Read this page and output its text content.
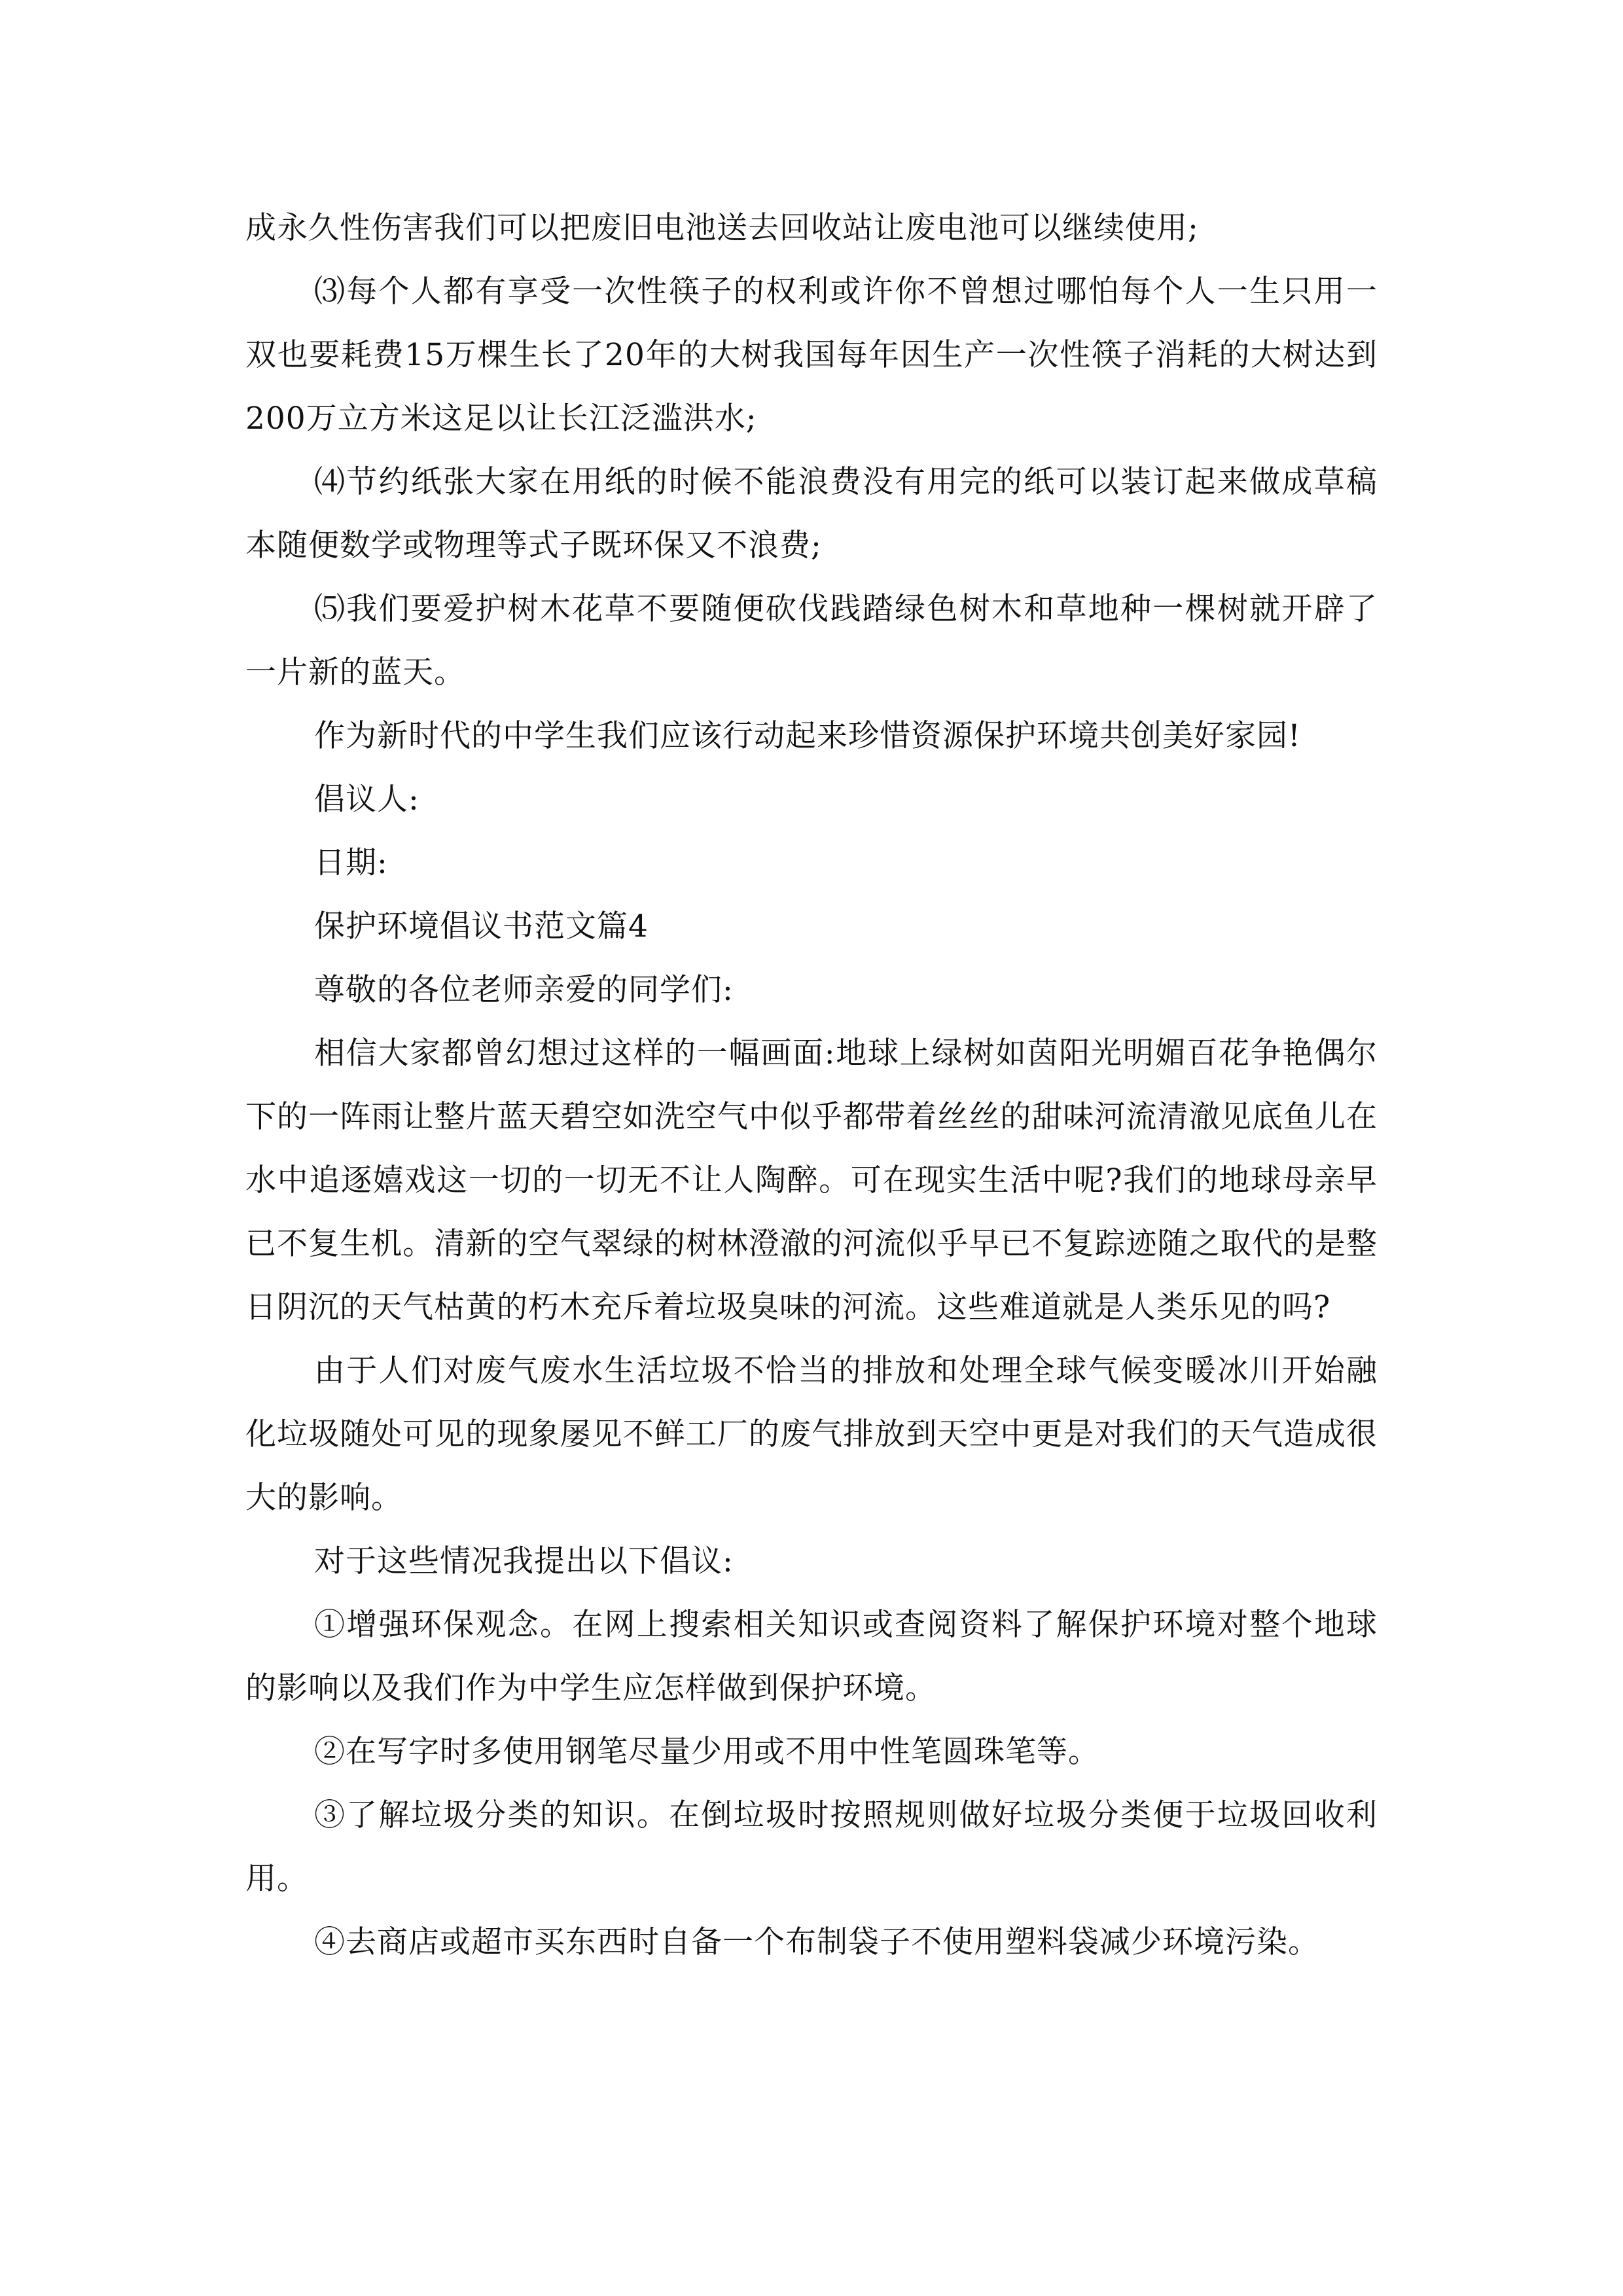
成永久性伤害我们可以把废旧电池送去回收站让废电池可以继续使用;

⑶每个人都有享受一次性筷子的权利或许你不曾想过哪怕每个人一生只用一双也要耗费15万棵生长了20年的大树我国每年因生产一次性筷子消耗的大树达到200万立方米这足以让长江泛滥洪水;

⑷节约纸张大家在用纸的时候不能浪费没有用完的纸可以装订起来做成草稿本随便数学或物理等式子既环保又不浪费;

⑸我们要爱护树木花草不要随便砍伐践踏绿色树木和草地种一棵树就开辟了一片新的蓝天。

作为新时代的中学生我们应该行动起来珍惜资源保护环境共创美好家园!

倡议人:

日期:

保护环境倡议书范文篇4

尊敬的各位老师亲爱的同学们:

相信大家都曾幻想过这样的一幅画面:地球上绿树如茵阳光明媚百花争艳偶尔下的一阵雨让整片蓝天碧空如洗空气中似乎都带着丝丝的甜味河流清澈见底鱼儿在水中追逐嬉戏这一切的一切无不让人陶醉。可在现实生活中呢?我们的地球母亲早已不复生机。清新的空气翠绿的树林澄澈的河流似乎早已不复踪迹随之取代的是整日阴沉的天气枯黄的朽木充斥着垃圾臭味的河流。这些难道就是人类乐见的吗?

由于人们对废气废水生活垃圾不恰当的排放和处理全球气候变暖冰川开始融化垃圾随处可见的现象屡见不鲜工厂的废气排放到天空中更是对我们的天气造成很大的影响。

对于这些情况我提出以下倡议:

①增强环保观念。在网上搜索相关知识或查阅资料了解保护环境对整个地球的影响以及我们作为中学生应怎样做到保护环境。

②在写字时多使用钢笔尽量少用或不用中性笔圆珠笔等。

③了解垃圾分类的知识。在倒垃圾时按照规则做好垃圾分类便于垃圾回收利用。

④去商店或超市买东西时自备一个布制袋子不使用塑料袋减少环境污染。
